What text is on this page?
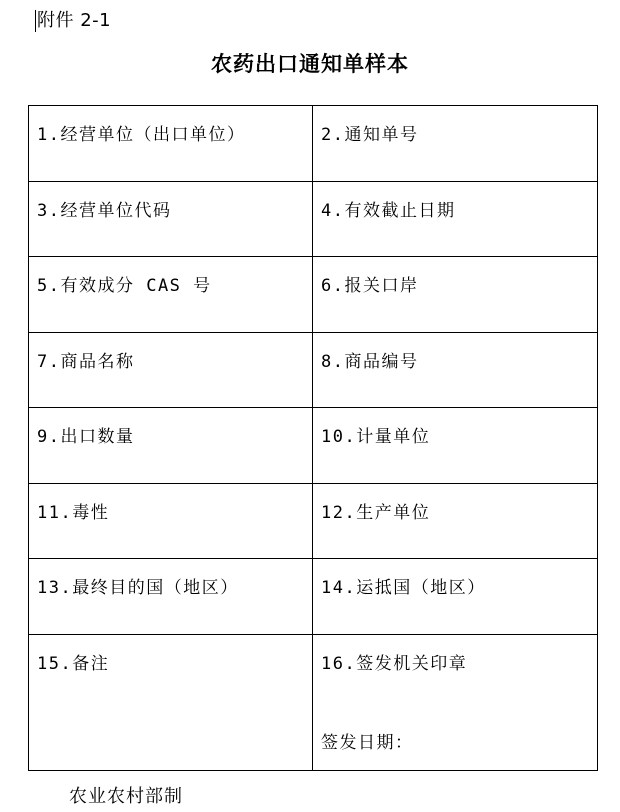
附件 2-1
农药出口通知单样本
1.经营单位（出口单位）	2.通知单号
3.经营单位代码	4.有效截止日期
5.有效成分 CAS 号	6.报关口岸
7.商品名称	8.商品编号
9.出口数量	10.计量单位
11.毒性	12.生产单位
13.最终目的国（地区）	14.运抵国（地区）
15.备注	16.签发机关印章
签发日期：
农业农村部制
